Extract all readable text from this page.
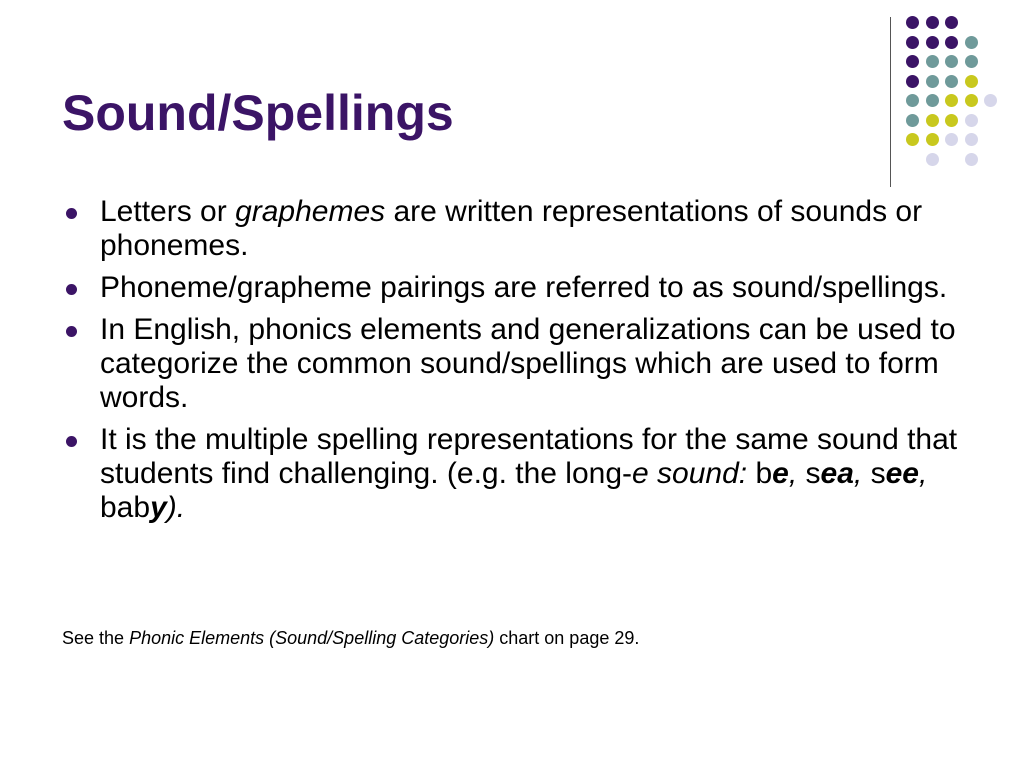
Sound/Spellings
Letters or graphemes are written representations of sounds or phonemes.
Phoneme/grapheme pairings are referred to as sound/spellings.
In English, phonics elements and generalizations can be used to categorize the common sound/spellings which are used to form words.
It is the multiple spelling representations for the same sound that students find challenging. (e.g. the long-e sound: be, sea, see, baby).
See the Phonic Elements (Sound/Spelling Categories) chart on page 29.
